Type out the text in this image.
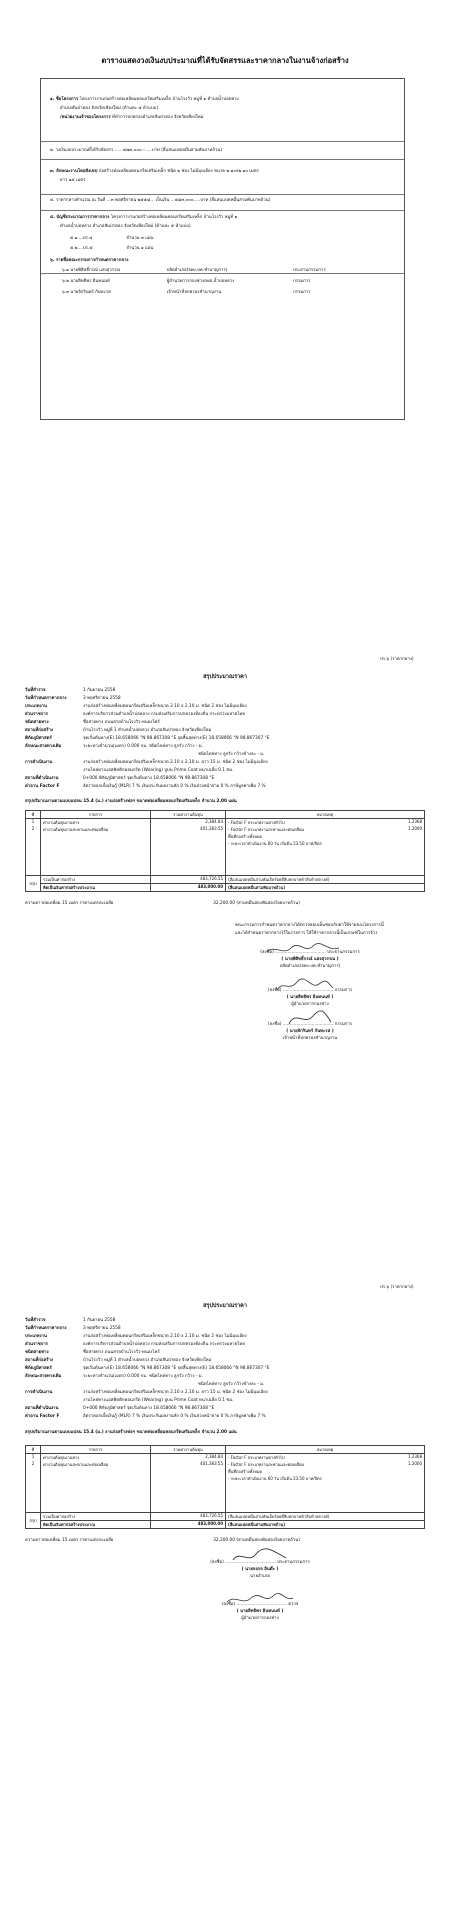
ตารางแสดงวงเงินงบประมาณที่ได้รับจัดสรรและราคากลางในงานจ้างก่อสร้าง
๑. ชื่อโครงการ โครงการงานก่อสร้างท่อเหลี่ยมคอนกรีตเสริมเหล็ก บ้านโรงวัว หมู่ที่ ๑ ตำบลน้ำบ่อหลวง
อำเภอสันป่าตอง จังหวัดเชียงใหม่ (ด้านละ ๕ ห้าแบบ)
/หน่วยงานเจ้าของโครงการ ที่ทำการปกครองอำเภอสันป่าตอง จังหวัดเชียงใหม่
๒. วงเงินงบประมาณที่ได้รับจัดสรร ......๔๗๓,๐๐๐.–.....บาท (สี่แสนแปดหมื่นสามพันบาทถ้วน)
๓. ลักษณะงานโดยสังเขป ก่อสร้างท่อเหลี่ยมคอนกรีตเสริมเหล็ก ชนิด ๒ ช่อง ไม่มีมุมเอียง ขนาด ๒.๑๐x๒.๑๐ เมตร
ยาว ๑๕ เมตร
๔. ราคากลางคำนวณ ณ วันที่ ...๓ พฤศจิกายน ๒๕๕๘... เป็นเงิน ...๔๘๓,๐๐๐.....บาท (สี่แสนแปดหมื่นสามพันบาทถ้วน)
๕. บัญชีประมาณการราคากลาง โครงการงานก่อสร้างท่อเหลี่ยมคอนกรีตเสริมเหล็ก บ้านโรงวัว หมู่ที่ ๑
ตำบลน้ำบ่อหลวง อำเภอสันป่าตอง จังหวัดเชียงใหม่ (ด้านละ ๕ ห้าแบบ)
๕.๑....ปร.๔	จำนวน ๓ แผ่น
๕.๒....ปร.๕	จำนวน ๑ แผ่น
๖. รายชื่อคณะกรรมการกำหนดราคากลาง
๖.๑ นายพิสิทธิ์กรณ์ แสงสุวรรณ	ปลัดอำเภอ(จพง.ปค.ชำนาญการ)	ประธานกรรมการ
๖.๒ นายสิทธิพร อินทนนท์	ผู้อำนวยการกองช่างอบต.น้ำบ่อหลวง	กรรมการ
๖.๓ นายจักรินทร์ กันทะรส	เจ้าหน้าที่ปกครองชำนาญงาน	กรรมการ
ปร.๖ (ราคากลาง)
สรุปประมาณราคา
วันที่สำรวจ	1 กันยายน 2558
วันที่กำหนดราคากลาง	3 พฤศจิกายน 2558
ประเภทงาน	งานก่อสร้างท่อเหลี่ยมคอนกรีตเสริมเหล็กขนาด 2.10 x 2.10 ม. ชนิด 2 ช่อง ไม่มีมุมเอียง
ส่วนราชการ	องค์การบริหารส่วนตำบลน้ำบ่อหลวง กรมส่งเสริมการปกครองท้องถิ่น กระทรวงมหาดไทย
ชนิดสายทาง	ชื่อสายทาง ถนนสายบ้านโรงวัว-หนองไคร้
สถานที่ก่อสร้าง	บ้านโรงวัว หมู่ที่ 1 ตำบลน้ำบ่อหลวง อำเภอสันป่าตอง จังหวัดเชียงใหม่
พิกัดภูมิศาสตร์	จุดเริ่มต้นทาง(E) 18.658066 °N 98.867308 °E จุดสิ้นสุดทาง(E) 18.658066 °N 98.867307 °E
ลักษณะสายทางเดิม	ระยะทางจำนวน(เมตร) 0.000 กม. ชนิดไหล่ทาง ลูกรัง กว้าง - ม.
ชนิดไหล่ทาง ลูกรัง กว้างข้างละ - ม.
การดำเนินงาน	งานก่อสร้างท่อเหลี่ยมคอนกรีตเสริมเหล็กขนาด 2.10 x 2.10 ม. ยาว 15 ม. ชนิด 2 ช่อง ไม่มีมุมเอียง
งานไหล่ทางแอสฟัลติกคอนกรีต (Wearing) ปูบน Prime Coat หนาเฉลี่ย 0.1 ซม.
สถานที่ดำเนินงาน	0+000 พิกัดภูมิศาสตร์ จุดเริ่มต้นทาง 18.658066 °N 98.867308 °E
ค่าอาน Factor F	อัตราดอกเบี้ยเงินกู้ (MLR) 7 % เงินประกันผลงานหัก 0 % เงินล่วงหน้าจ่าย 0 % ภาษีมูลค่าเพิ่ม 7 %
สรุปปริมาณงานตามแบบแปลน 15.4 (ม.) งานก่อสร้างท่อฯ ขนาดท่อเหลี่ยมคอนกรีตเสริมเหล็ก จำนวน 2.00 แผ่น
ที่	รายการ	รวมค่างานต้นทุน	หมายเหตุ
1	ค่างานต้นทุนงานทาง	2,384.84	- Factor F ประเภทงานทางทั่วไป 1.2368

2	ค่างานต้นทุนงานสะพานและท่อเหลี่ยม	401,383.55	- Factor F ประเภทงานสะพานและท่อเหลี่ยม 1.2000

พื้นที่ก่อสร้างทั้งหมด
- ระยะเวลาดำเนินงาน 60 วัน เริ่มต้น 23.50 บาท/ลิตร

สรุป	รวมเป็นค่าก่อสร้าง	483,726.55	(สี่แสนแปดหมื่นสามพันเจ็ดร้อยยี่สิบหกบาทห้าสิบห้าสตางค์)
	คิดเป็นเงินค่าก่อสร้างประมาณ	483,000.00	(สี่แสนแปดหมื่นสามพันบาทถ้วน)
ความยาวท่อเหลี่ยม 15 เมตร ราคาเมตรละเฉลี่ย	32,200.00 (สามหมื่นสองพันสองร้อยบาทถ้วน)
คณะกรรมการกำหนดราคากลางได้ตรวจสอบเห็นชอบกับค่าใช้จ่ายของโครงการนี้
และได้กำหนดราคากลางไว้ในรายการ ให้ใช้ราคากลางนี้เป็นเกณฑ์ในการจ้าง
(ลงชื่อ) ..................................... ประธานกรรมการ
( นายพิสิทธิ์กรณ์ แสงสุวรรณ )
ปลัดอำเภอ(จพง.ปค.ชำนาญการ)
(ลงชื่อ) ..................................... กรรมการ
( นายสิทธิพร อินทนนท์ )
ผู้อำนวยการกองช่าง
(ลงชื่อ) ..................................... กรรมการ
( นายจักรินทร์ กันทะรส )
เจ้าหน้าที่ปกครองชำนาญงาน
ปร.๖ (ราคากลาง)
สรุปประมาณราคา
วันที่สำรวจ	1 กันยายน 2558
วันที่กำหนดราคากลาง	3 พฤศจิกายน 2558
ประเภทงาน	งานก่อสร้างท่อเหลี่ยมคอนกรีตเสริมเหล็กขนาด 2.10 x 2.10 ม. ชนิด 2 ช่อง ไม่มีมุมเอียง
ส่วนราชการ	องค์การบริหารส่วนตำบลน้ำบ่อหลวง กรมส่งเสริมการปกครองท้องถิ่น กระทรวงมหาดไทย
ชนิดสายทาง	ชื่อสายทาง ถนนสายบ้านโรงวัว-หนองไคร้
สถานที่ก่อสร้าง	บ้านโรงวัว หมู่ที่ 1 ตำบลน้ำบ่อหลวง อำเภอสันป่าตอง จังหวัดเชียงใหม่
พิกัดภูมิศาสตร์	จุดเริ่มต้นทาง(E) 18.658066 °N 98.867308 °E จุดสิ้นสุดทาง(E) 18.658066 °N 98.867307 °E
ลักษณะสายทางเดิม	ระยะทางจำนวน(เมตร) 0.000 กม. ชนิดไหล่ทาง ลูกรัง กว้าง - ม.
ชนิดไหล่ทาง ลูกรัง กว้างข้างละ - ม.
การดำเนินงาน	งานก่อสร้างท่อเหลี่ยมคอนกรีตเสริมเหล็กขนาด 2.10 x 2.10 ม. ยาว 15 ม. ชนิด 2 ช่อง ไม่มีมุมเอียง
งานไหล่ทางแอสฟัลติกคอนกรีต (Wearing) ปูบน Prime Coat หนาเฉลี่ย 0.1 ซม.
สถานที่ดำเนินงาน	0+000 พิกัดภูมิศาสตร์ จุดเริ่มต้นทาง 18.658066 °N 98.867308 °E
ค่าอาน Factor F	อัตราดอกเบี้ยเงินกู้ (MLR) 7 % เงินประกันผลงานหัก 0 % เงินล่วงหน้าจ่าย 0 % ภาษีมูลค่าเพิ่ม 7 %
สรุปปริมาณงานตามแบบแปลน 15.4 (ม.) งานก่อสร้างท่อฯ ขนาดท่อเหลี่ยมคอนกรีตเสริมเหล็ก จำนวน 2.00 แผ่น
ที่	รายการ	รวมค่างานต้นทุน	หมายเหตุ
1	ค่างานต้นทุนงานทาง	2,384.84	- Factor F ประเภทงานทางทั่วไป 1.2368

2	ค่างานต้นทุนงานสะพานและท่อเหลี่ยม	401,383.55	- Factor F ประเภทงานสะพานและท่อเหลี่ยม 1.2000

พื้นที่ก่อสร้างทั้งหมด
- ระยะเวลาดำเนินงาน 60 วัน เริ่มต้น 23.50 บาท/ลิตร

สรุป	รวมเป็นค่าก่อสร้าง	483,726.55	(สี่แสนแปดหมื่นสามพันเจ็ดร้อยยี่สิบหกบาทห้าสิบห้าสตางค์)
	คิดเป็นเงินค่าก่อสร้างประมาณ	483,000.00	(สี่แสนแปดหมื่นสามพันบาทถ้วน)
ความยาวท่อเหลี่ยม 15 เมตร ราคาเมตรละเฉลี่ย	32,200.00 (สามหมื่นสองพันสองร้อยบาทถ้วน)
(ลงชื่อ) ..................................... ประธานกรรมการ
( นายจงกล อินต๊ะ )
นายอำเภอ
(ลงชื่อ) ..................................... ตรวจ
( นายสิทธิพร อินทนนท์ )
ผู้อำนวยการกองช่าง
